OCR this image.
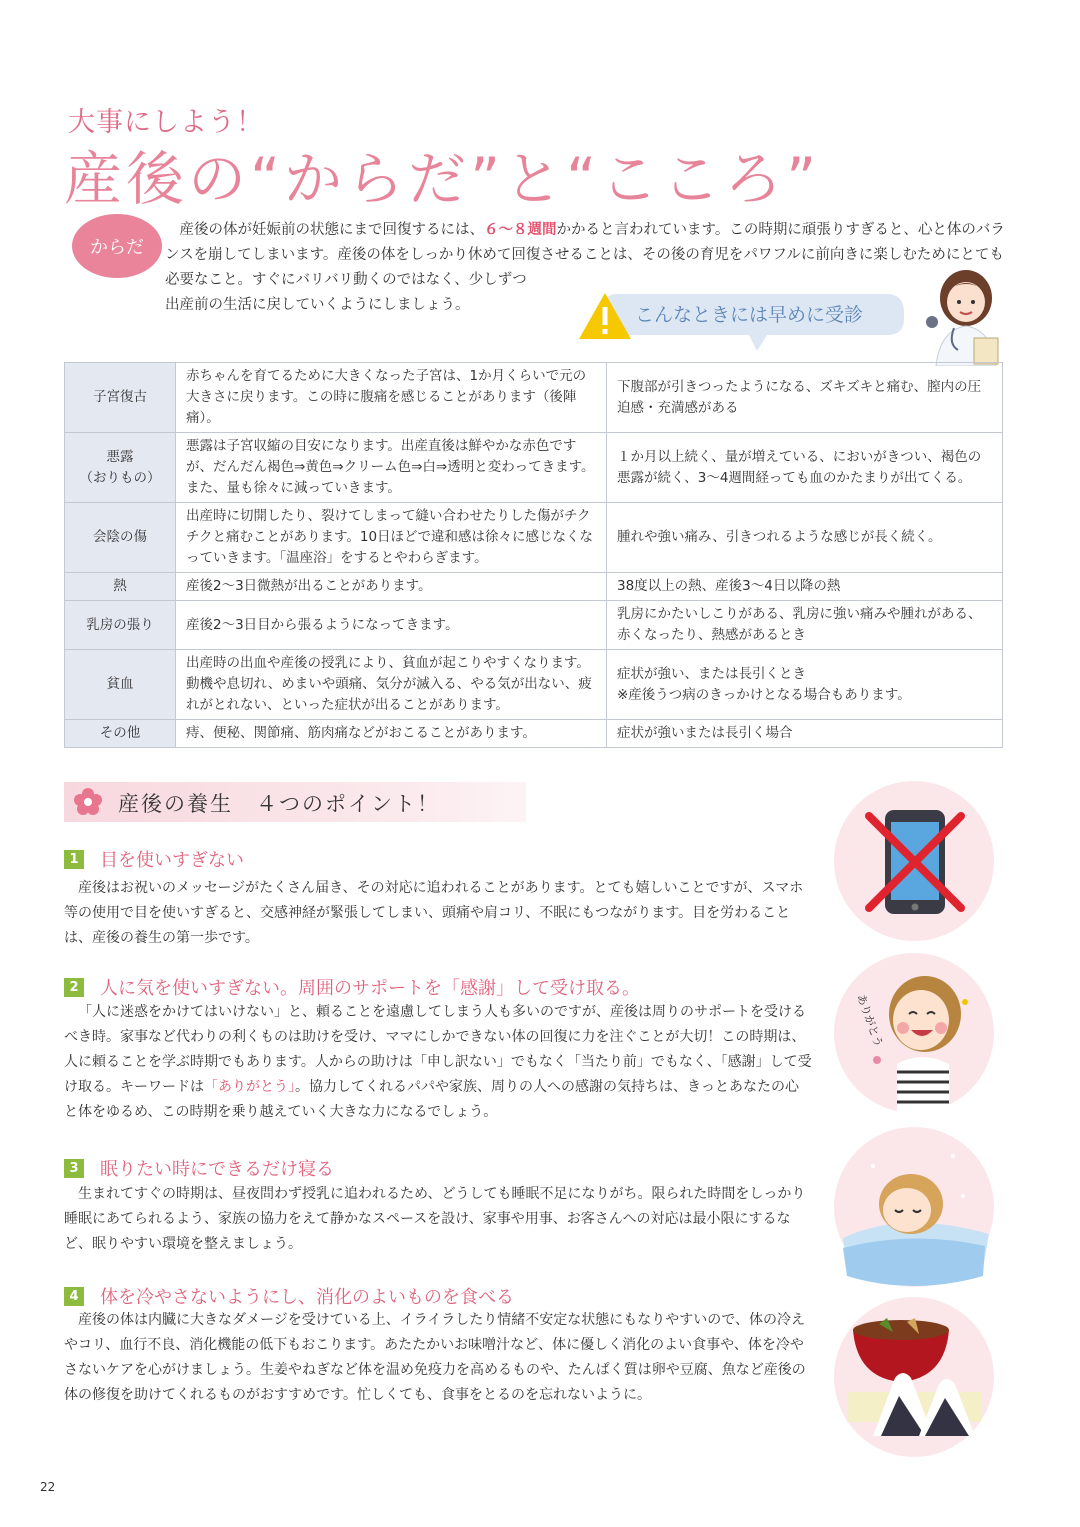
大事にしよう！
産後の“からだ”と“こころ”
からだ
産後の体が妊娠前の状態にまで回復するには、６～８週間かかると言われています。この時期に頑張りすぎると、心と体のバランスを崩してしまいます。産後の体をしっかり休めて回復させることは、その後の育児をパワフルに前向きに楽しむためにとても必要なこと。すぐにバリバリ動くのではなく、少しずつ
出産前の生活に戻していくようにしましょう。	こんなときには早めに受診
子宮復古	赤ちゃんを育てるために大きくなった子宮は、1か月くらいで元の大きさに戻ります。この時に腹痛を感じることがあります（後陣痛）。	下腹部が引きつったようになる、ズキズキと痛む、膣内の圧迫感・充満感がある

悪露
（おりもの）	悪露は子宮収縮の目安になります。出産直後は鮮やかな赤色ですが、だんだん褐色⇒黄色⇒クリーム色⇒白⇒透明と変わってきます。また、量も徐々に減っていきます。	１か月以上続く、量が増えている、においがきつい、褐色の悪露が続く、3～4週間経っても血のかたまりが出てくる。
会陰の傷	出産時に切開したり、裂けてしまって縫い合わせたりした傷がチクチクと痛むことがあります。10日ほどで違和感は徐々に感じなくなっていきます。「温座浴」をするとやわらぎます。	腫れや強い痛み、引きつれるような感じが長く続く。
熱	産後2～3日微熱が出ることがあります。	38度以上の熱、産後3～4日以降の熱
乳房の張り	産後2～3日目から張るようになってきます。	乳房にかたいしこりがある、乳房に強い痛みや腫れがある、赤くなったり、熱感があるとき
貧血	出産時の出血や産後の授乳により、貧血が起こりやすくなります。動機や息切れ、めまいや頭痛、気分が滅入る、やる気が出ない、疲れがとれない、といった症状が出ることがあります。	症状が強い、または長引くとき
※産後うつ病のきっかけとなる場合もあります。

その他	痔、便秘、関節痛、筋肉痛などがおこることがあります。	症状が強いまたは長引く場合
産後の養生　４つのポイント！
1	目を使いすぎない
産後はお祝いのメッセージがたくさん届き、その対応に追われることがあります。とても嬉しいことですが、スマホ等の使用で目を使いすぎると、交感神経が緊張してしまい、頭痛や肩コリ、不眠にもつながります。目を労わることは、産後の養生の第一歩です。
2	人に気を使いすぎない。周囲のサポートを「感謝」して受け取る。
「人に迷惑をかけてはいけない」と、頼ることを遠慮してしまう人も多いのですが、産後は周りのサポートを受けるべき時。家事など代わりの利くものは助けを受け、ママにしかできない体の回復に力を注ぐことが大切！この時期は、人に頼ることを学ぶ時期でもあります。人からの助けは「申し訳ない」でもなく「当たり前」でもなく、「感謝」して受け取る。キーワードは「ありがとう」。協力してくれるパパや家族、周りの人への感謝の気持ちは、きっとあなたの心と体をゆるめ、この時期を乗り越えていく大きな力になるでしょう。
3	眠りたい時にできるだけ寝る
生まれてすぐの時期は、昼夜問わず授乳に追われるため、どうしても睡眠不足になりがち。限られた時間をしっかり睡眠にあてられるよう、家族の協力をえて静かなスペースを設け、家事や用事、お客さんへの対応は最小限にするなど、眠りやすい環境を整えましょう。
4	体を冷やさないようにし、消化のよいものを食べる
産後の体は内臓に大きなダメージを受けている上、イライラしたり情緒不安定な状態にもなりやすいので、体の冷えやコリ、血行不良、消化機能の低下もおこります。あたたかいお味噌汁など、体に優しく消化のよい食事や、体を冷やさないケアを心がけましょう。生姜やねぎなど体を温め免疫力を高めるものや、たんぱく質は卵や豆腐、魚など産後の体の修復を助けてくれるものがおすすめです。忙しくても、食事をとるのを忘れないように。
ありがとう
22
